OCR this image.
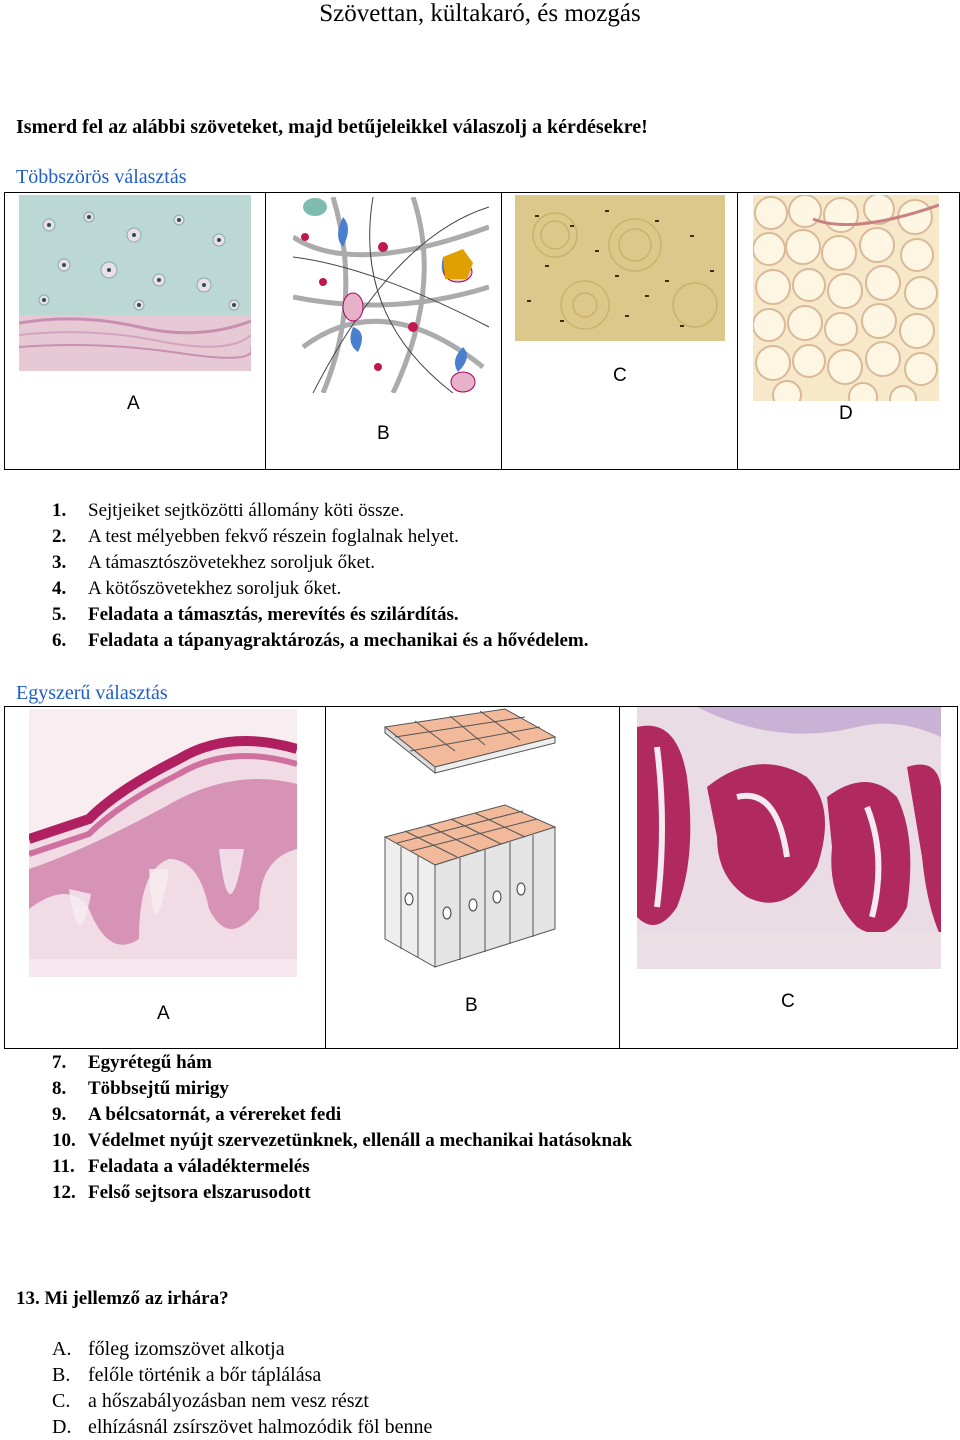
Szövettan, kültakaró, és mozgás
Ismerd fel az alábbi szöveteket, majd betűjeleikkel válaszolj a kérdésekre!
Többszörös választás
A
B
C
D
1. Sejtjeiket sejtközötti állomány köti össze.
2. A test mélyebben fekvő részein foglalnak helyet.
3. A támasztószövetekhez soroljuk őket.
4. A kötőszövetekhez soroljuk őket.
5. Feladata a támasztás, merevítés és szilárdítás.
6. Feladata a tápanyagraktározás, a mechanikai és a hővédelem.
Egyszerű választás
A	B	C
7. Egyrétegű hám
8. Többsejtű mirigy
9. A bélcsatornát, a vérereket fedi
10. Védelmet nyújt szervezetünknek, ellenáll a mechanikai hatásoknak
11. Feladata a váladéktermelés
12. Felső sejtsora elszarusodott
13. Mi jellemző az irhára?
A. főleg izomszövet alkotja
B. felőle történik a bőr táplálása
C. a hőszabályozásban nem vesz részt
D. elhízásnál zsírszövet halmozódik föl benne
